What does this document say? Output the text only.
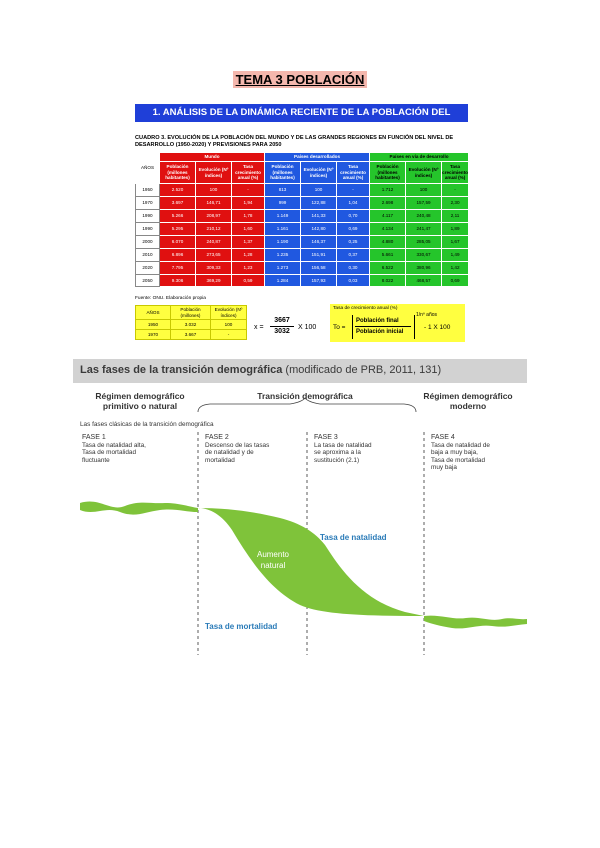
TEMA 3 POBLACIÓN
1. ANÁLISIS DE LA DINÁMICA RECIENTE DE LA POBLACIÓN DEL MUNDO
CUADRO 3. EVOLUCIÓN DE LA POBLACIÓN DEL MUNDO Y DE LAS GRANDES REGIONES EN FUNCIÓN DEL NIVEL DE DESARROLLO (1950-2020) Y PREVISIONES PARA 2050
AÑOS	Mundo			Países desarrollados			Países en vía de desarrollo		
	Población (millones habitantes)	Evolución (Nº índices)	Tasa crecimiento anual (%)	Población (millones habitantes)	Evolución (Nº índices)	Tasa crecimiento anual (%)	Población (millones habitantes)	Evolución (Nº índices)	Tasa crecimiento anual (%)
1950	2.520	100	-	813	100	-	1.712	100	-
1970	3.697	146,71	1,94	999	122,88	1,04	2.698	157,59	2,30
1990	5.266	208,97	1,78	1.149	141,33	0,70	4.117	240,48	2,11
1990	5.295	210,12	1,60	1.161	142,80	0,69	4.134	241,47	1,89
2000	6.070	240,87	1,37	1.190	146,37	0,25	4.880	285,05	1,67
2010	6.896	273,65	1,28	1.235	151,91	0,37	5.661	330,67	1,49
2020	7.795	309,33	1,23	1.273	156,58	0,30	6.522	380,96	1,42
2050	9.306	369,29	0,59	1.284	157,93	0,03	8.022	468,57	0,69
Fuente: ONU. Elaboración propia
AÑOS	Población (millones)	Evolución (Nº índices)
1950	3.032	100
1970	3.667	-
x =
3667
3032
X 100
Tasa de crecimiento anual (%)
To =
Población final
Población inicial
1/nº años
- 1 X 100
Las fases de la transición demográfica (modificado de PRB, 2011, 131)
Régimen demográfico
primitivo o natural
Transición demográfica	Régimen demográfico
moderno
Las fases clásicas de la transición demográfica
FASE 1
Tasa de natalidad alta,
Tasa de mortalidad
fluctuante
FASE 2
Descenso de las tasas
de natalidad y de
mortalidad
FASE 3
La tasa de natalidad
se aproxima a la
sustitución (2.1)
FASE 4
Tasa de natalidad de
baja a muy baja,
Tasa de mortalidad
muy baja
Tasa de natalidad
Tasa de mortalidad
Aumento
natural
